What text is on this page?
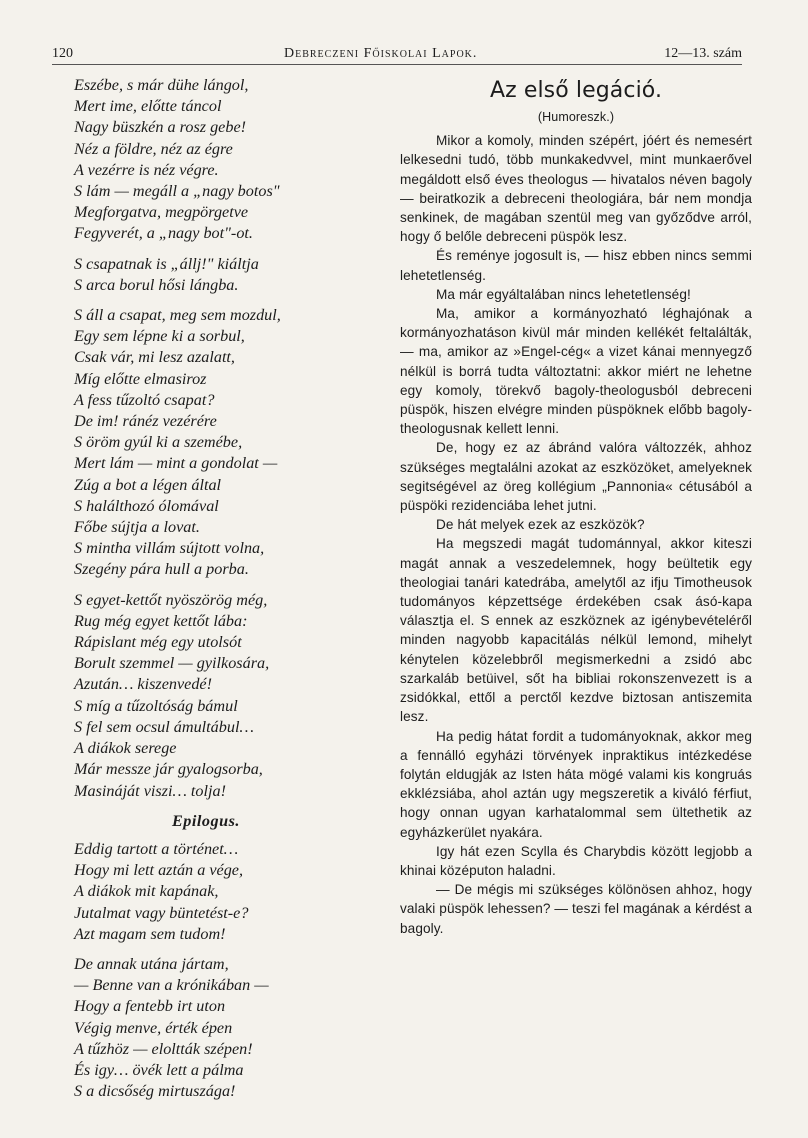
120	Debreczeni Főiskolai Lapok.	12—13. szám
Eszébe, s már dühe lángol,
Mert ime, előtte táncol
Nagy büszkén a rosz gebe!
Néz a földre, néz az égre
A vezérre is néz végre.
S lám — megáll a „nagy botos"
Megforgatva, megpörgetve
Fegyverét, a „nagy bot"-ot.
S csapatnak is „állj!" kiáltja
S arca borul hősi lángba.
S áll a csapat, meg sem mozdul,
Egy sem lépne ki a sorbul,
Csak vár, mi lesz azalatt,
Míg előtte elmasiroz
A fess tűzoltó csapat?
De im! ránéz vezérére
S öröm gyúl ki a szemébe,
Mert lám — mint a gondolat —
Zúg a bot a légen által
S halálthozó ólomával
Főbe sújtja a lovat.
S mintha villám sújtott volna,
Szegény pára hull a porba.
S egyet-kettőt nyöszörög még,
Rug még egyet kettőt lába:
Rápislant még egy utolsót
Borult szemmel — gyilkosára,
Azután… kiszenvedé!
S míg a tűzoltóság bámul
S fel sem ocsul ámultábul…
A diákok serege
Már messze jár gyalogsorba,
Masináját viszi… tolja!
Epilogus.
Eddig tartott a történet…
Hogy mi lett aztán a vége,
A diákok mit kapának,
Jutalmat vagy büntetést-e?
Azt magam sem tudom!
De annak utána jártam,
— Benne van a krónikában —
Hogy a fentebb irt uton
Végig menve, érték épen
A tűzhöz — eloltták szépen!
És igy… övék lett a pálma
S a dicsőség mirtuszága!
Az első legáció.
(Humoreszk.)

Mikor a komoly, minden szépért, jóért és nemesért lelkesedni tudó, több munkakedvvel, mint munkaerővel megáldott első éves theologus — hivatalos néven bagoly — beiratkozik a debreceni theologiára, bár nem mondja senkinek, de magában szentül meg van győződve arról, hogy ő belőle debreceni püspök lesz.

És reménye jogosult is, — hisz ebben nincs semmi lehetetlenség.

Ma már egyáltalában nincs lehetetlenség!

Ma, amikor a kormányozható léghajónak a kormányozhatáson kivül már minden kellékét feltalálták, — ma, amikor az »Engel-cég« a vizet kánai mennyegző nélkül is borrá tudta változtatni: akkor miért ne lehetne egy komoly, törekvő bagoly-theologusból debreceni püspök, hiszen elvégre minden püspöknek előbb bagoly-theologusnak kellett lenni.

De, hogy ez az ábránd valóra változzék, ahhoz szükséges megtalálni azokat az eszközöket, amelyeknek segitségével az öreg kollégium „Pannonia« cétusából a püspöki rezidenciába lehet jutni.

De hát melyek ezek az eszközök?

Ha megszedi magát tudománnyal, akkor kiteszi magát annak a veszedelemnek, hogy beültetik egy theologiai tanári katedrába, amelytől az ifju Timotheusok tudományos képzettsége érdekében csak ásó-kapa választja el. S ennek az eszköznek az igénybevételéről minden nagyobb kapacitálás nélkül lemond, mihelyt kénytelen közelebbről megismerkedni a zsidó abc szarkaláb betüivel, sőt ha bibliai rokonszenvezett is a zsidókkal, ettől a perctől kezdve biztosan antiszemita lesz.

Ha pedig hátat fordit a tudományoknak, akkor meg a fennálló egyházi törvények inpraktikus intézkedése folytán eldugják az Isten háta mögé valami kis kongruás ekklézsiába, ahol aztán ugy megszeretik a kiváló férfiut, hogy onnan ugyan karhatalommal sem ültethetik az egyházkerület nyakára.

Igy hát ezen Scylla és Charybdis között legjobb a khinai középuton haladni.

— De mégis mi szükséges kölönösen ahhoz, hogy valaki püspök lehessen? — teszi fel magának a kérdést a bagoly.
